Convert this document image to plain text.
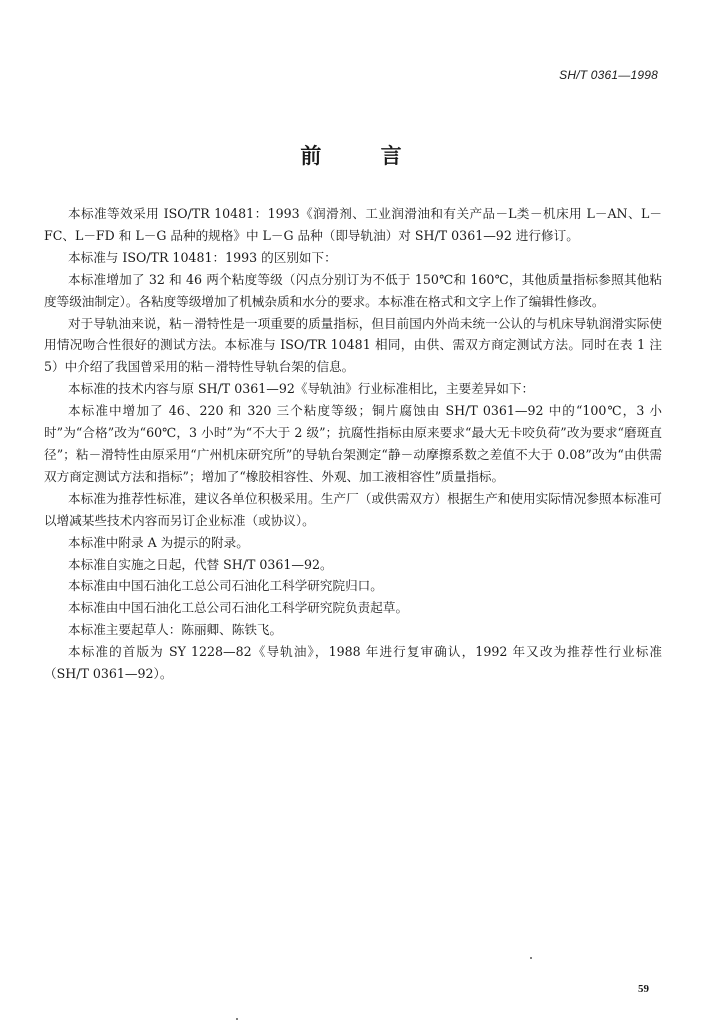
SH/T 0361—1998
前 言

本标准等效采用 ISO/TR 10481：1993《润滑剂、工业润滑油和有关产品－L类－机床用 L－AN、L－FC、L－FD 和 L－G 品种的规格》中 L－G 品种（即导轨油）对 SH/T 0361—92 进行修订。

本标准与 ISO/TR 10481：1993 的区别如下：

本标准增加了 32 和 46 两个粘度等级（闪点分别订为不低于 150℃和 160℃，其他质量指标参照其他粘度等级油制定）。各粘度等级增加了机械杂质和水分的要求。本标准在格式和文字上作了编辑性修改。

对于导轨油来说，粘－滑特性是一项重要的质量指标，但目前国内外尚未统一公认的与机床导轨润滑实际使用情况吻合性很好的测试方法。本标准与 ISO/TR 10481 相同，由供、需双方商定测试方法。同时在表 1 注 5）中介绍了我国曾采用的粘－滑特性导轨台架的信息。

本标准的技术内容与原 SH/T 0361—92《导轨油》行业标准相比，主要差异如下：

本标准中增加了 46、220 和 320 三个粘度等级；铜片腐蚀由 SH/T 0361—92 中的“100℃，3 小时”为“合格”改为“60℃，3 小时”为“不大于 2 级”；抗腐性指标由原来要求“最大无卡咬负荷”改为要求“磨斑直径”；粘－滑特性由原采用“广州机床研究所”的导轨台架测定“静－动摩擦系数之差值不大于 0.08”改为“由供需双方商定测试方法和指标”；增加了“橡胶相容性、外观、加工液相容性”质量指标。

本标准为推荐性标准，建议各单位积极采用。生产厂（或供需双方）根据生产和使用实际情况参照本标准可以增减某些技术内容而另订企业标准（或协议）。

本标准中附录 A 为提示的附录。

本标准自实施之日起，代替 SH/T 0361—92。

本标准由中国石油化工总公司石油化工科学研究院归口。

本标准由中国石油化工总公司石油化工科学研究院负责起草。

本标准主要起草人：陈丽卿、陈铁飞。

本标准的首版为 SY 1228—82《导轨油》，1988 年进行复审确认，1992 年又改为推荐性行业标准（SH/T 0361—92）。

59
